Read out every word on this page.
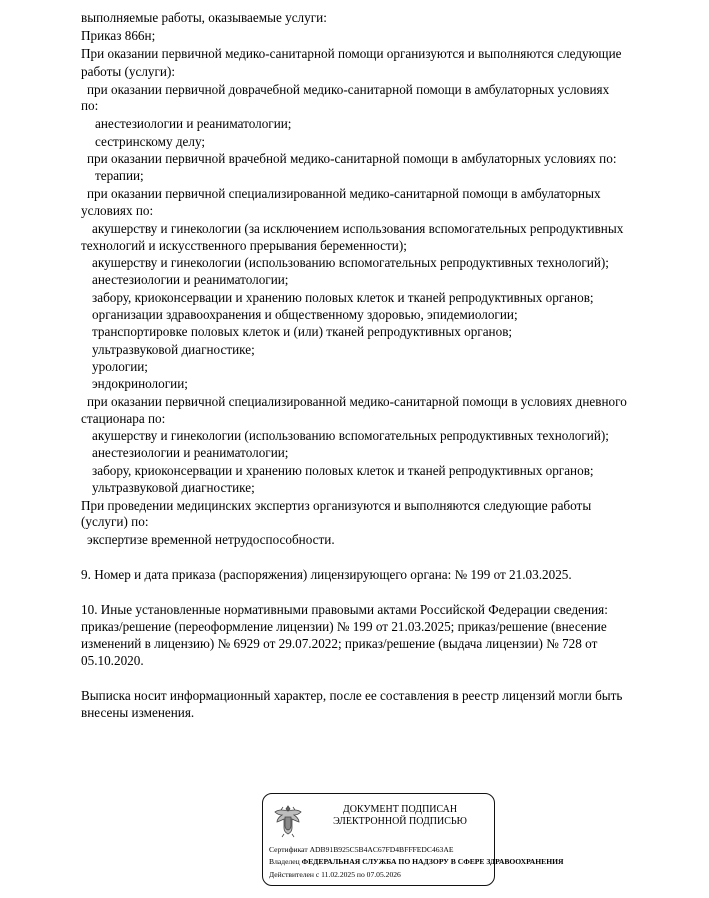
выполняемые работы, оказываемые услуги:
Приказ 866н;
При оказании первичной медико-санитарной помощи организуются и выполняются следующие
работы (услуги):
при оказании первичной доврачебной медико-санитарной помощи в амбулаторных условиях
по:
анестезиологии и реаниматологии;
сестринскому делу;
при оказании первичной врачебной медико-санитарной помощи в амбулаторных условиях по:
терапии;
при оказании первичной специализированной медико-санитарной помощи в амбулаторных
условиях по:
акушерству и гинекологии (за исключением использования вспомогательных репродуктивных
технологий и искусственного прерывания беременности);
акушерству и гинекологии (использованию вспомогательных репродуктивных технологий);
анестезиологии и реаниматологии;
забору, криоконсервации и хранению половых клеток и тканей репродуктивных органов;
организации здравоохранения и общественному здоровью, эпидемиологии;
транспортировке половых клеток и (или) тканей репродуктивных органов;
ультразвуковой диагностике;
урологии;
эндокринологии;
при оказании первичной специализированной медико-санитарной помощи в условиях дневного
стационара по:
акушерству и гинекологии (использованию вспомогательных репродуктивных технологий);
анестезиологии и реаниматологии;
забору, криоконсервации и хранению половых клеток и тканей репродуктивных органов;
ультразвуковой диагностике;
При проведении медицинских экспертиз организуются и выполняются следующие работы
(услуги) по:
экспертизе временной нетрудоспособности.
9. Номер и дата приказа (распоряжения) лицензирующего органа: № 199 от 21.03.2025.
10. Иные установленные нормативными правовыми актами Российской Федерации сведения:
приказ/решение (переоформление лицензии) № 199 от 21.03.2025; приказ/решение (внесение
изменений в лицензию) № 6929 от 29.07.2022; приказ/решение (выдача лицензии) № 728 от
05.10.2020.
Выписка носит информационный характер, после ее составления в реестр лицензий могли быть
внесены изменения.
ДОКУМЕНТ ПОДПИСАН
ЭЛЕКТРОННОЙ ПОДПИСЬЮ
Сертификат ADB91B925C5B4AC67FD4BFFFEDC463AE
Владелец ФЕДЕРАЛЬНАЯ СЛУЖБА ПО НАДЗОРУ В СФЕРЕ ЗДРАВООХРАНЕНИЯ
Действителен с 11.02.2025 по 07.05.2026
